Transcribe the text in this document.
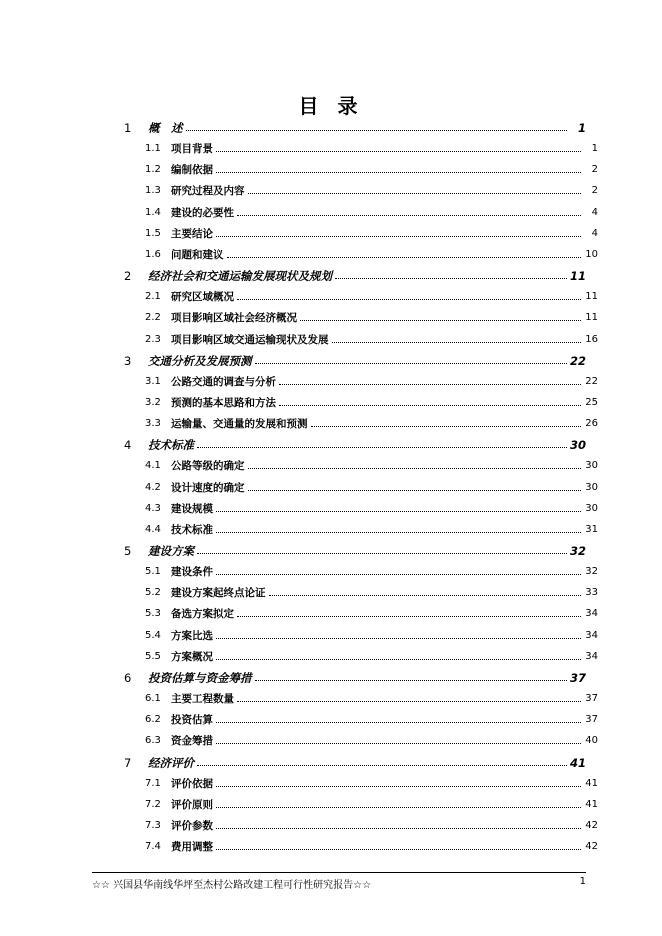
目 录
1	概　述	1
1.1 项目背景	1
1.2 编制依据	2
1.3 研究过程及内容	2
1.4 建设的必要性	4
1.5 主要结论	4
1.6 问题和建议	10
2	经济社会和交通运输发展现状及规划	11
2.1 研究区域概况	11
2.2 项目影响区域社会经济概况	11
2.3 项目影响区域交通运输现状及发展	16
3	交通分析及发展预测	22
3.1 公路交通的调查与分析	22
3.2 预测的基本思路和方法	25
3.3 运输量、交通量的发展和预测	26
4	技术标准	30
4.1 公路等级的确定	30
4.2 设计速度的确定	30
4.3 建设规模	30
4.4 技术标准	31
5	建设方案	32
5.1 建设条件	32
5.2 建设方案起终点论证	33
5.3 备选方案拟定	34
5.4 方案比选	34
5.5 方案概况	34
6	投资估算与资金筹措	37
6.1 主要工程数量	37
6.2 投资估算	37
6.3 资金筹措	40
7	经济评价	41
7.1 评价依据	41
7.2 评价原则	41
7.3 评价参数	42
7.4 费用调整	42
☆☆ 兴国县华南线华坪至杰村公路改建工程可行性研究报告☆☆	1
